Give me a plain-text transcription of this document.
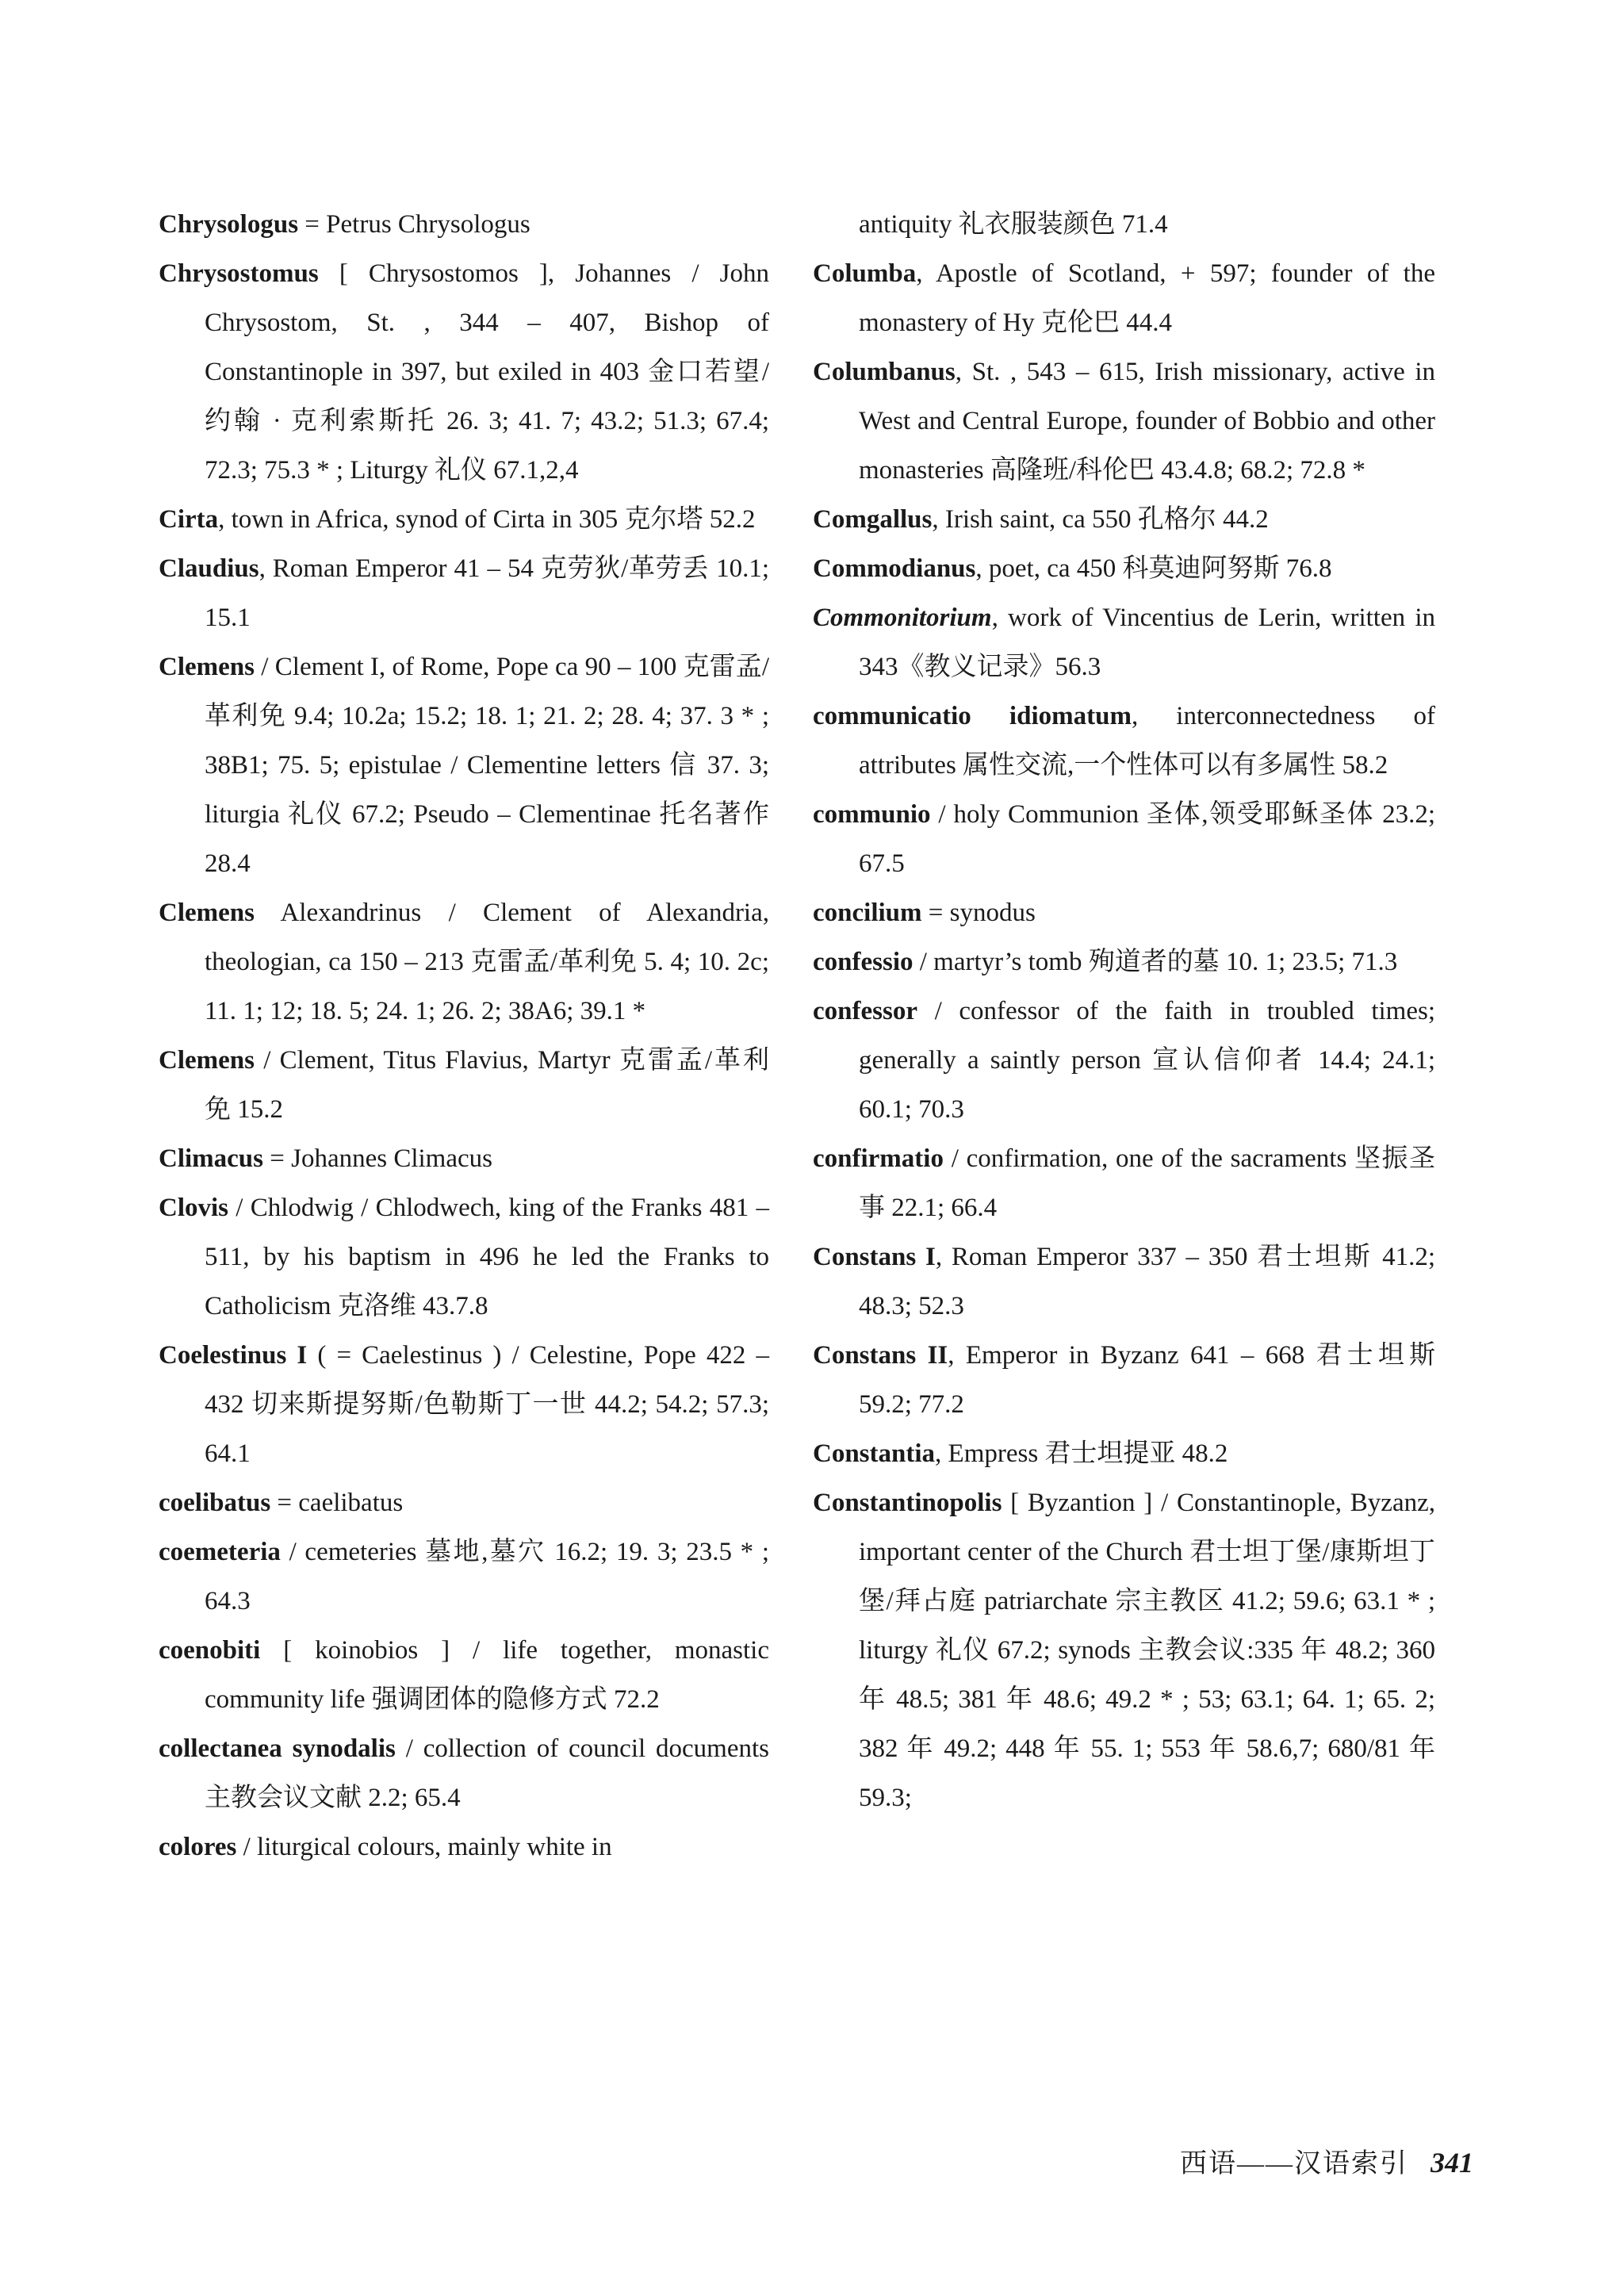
Chrysologus = Petrus Chrysologus

Chrysostomus [ Chrysostomos ], Johannes / John Chrysostom, St. , 344 – 407, Bishop of Constantinople in 397, but exiled in 403 金口若望/约翰 · 克利索斯托 26. 3; 41. 7; 43.2; 51.3; 67.4; 72.3; 75.3 * ; Liturgy 礼仪 67.1,2,4

Cirta, town in Africa, synod of Cirta in 305 克尔塔 52.2

Claudius, Roman Emperor 41 – 54 克劳狄/革劳丢 10.1; 15.1

Clemens / Clement I, of Rome, Pope ca 90 – 100 克雷孟/革利免 9.4; 10.2a; 15.2; 18. 1; 21. 2; 28. 4; 37. 3 * ; 38B1; 75. 5; epistulae / Clementine letters 信 37. 3; liturgia 礼仪 67.2; Pseudo – Clementinae 托名著作 28.4

Clemens Alexandrinus / Clement of Alexandria, theologian, ca 150 – 213 克雷孟/革利免 5. 4; 10. 2c; 11. 1; 12; 18. 5; 24. 1; 26. 2; 38A6; 39.1 *

Clemens / Clement, Titus Flavius, Martyr 克雷孟/革利免 15.2

Climacus = Johannes Climacus

Clovis / Chlodwig / Chlodwech, king of the Franks 481 – 511, by his baptism in 496 he led the Franks to Catholicism 克洛维 43.7.8

Coelestinus I ( = Caelestinus ) / Celestine, Pope 422 – 432 切来斯提努斯/色勒斯丁一世 44.2; 54.2; 57.3; 64.1

coelibatus = caelibatus

coemeteria / cemeteries 墓地,墓穴 16.2; 19. 3; 23.5 * ; 64.3

coenobiti [ koinobios ] / life together, monastic community life 强调团体的隐修方式 72.2

collectanea synodalis / collection of council documents 主教会议文献 2.2; 65.4

colores / liturgical colours, mainly white in

antiquity 礼衣服装颜色 71.4

Columba, Apostle of Scotland, + 597; founder of the monastery of Hy 克伦巴 44.4

Columbanus, St. , 543 – 615, Irish missionary, active in West and Central Europe, founder of Bobbio and other monasteries 高隆班/科伦巴 43.4.8; 68.2; 72.8 *

Comgallus, Irish saint, ca 550 孔格尔 44.2

Commodianus, poet, ca 450 科莫迪阿努斯 76.8

Commonitorium, work of Vincentius de Lerin, written in 343《教义记录》56.3

communicatio idiomatum, interconnectedness of attributes 属性交流,一个性体可以有多属性 58.2

communio / holy Communion 圣体,领受耶稣圣体 23.2; 67.5

concilium = synodus

confessio / martyr’s tomb 殉道者的墓 10. 1; 23.5; 71.3

confessor / confessor of the faith in troubled times; generally a saintly person 宣认信仰者 14.4; 24.1; 60.1; 70.3

confirmatio / confirmation, one of the sacraments 坚振圣事 22.1; 66.4

Constans I, Roman Emperor 337 – 350 君士坦斯 41.2; 48.3; 52.3

Constans II, Emperor in Byzanz 641 – 668 君士坦斯 59.2; 77.2

Constantia, Empress 君士坦提亚 48.2

Constantinopolis [ Byzantion ] / Constantinople, Byzanz, important center of the Church 君士坦丁堡/康斯坦丁堡/拜占庭 patriarchate 宗主教区 41.2; 59.6; 63.1 * ; liturgy 礼仪 67.2; synods 主教会议:335 年 48.2; 360 年 48.5; 381 年 48.6; 49.2 * ; 53; 63.1; 64. 1; 65. 2; 382 年 49.2; 448 年 55. 1; 553 年 58.6,7; 680/81 年 59.3;

西语——汉语索引 341
